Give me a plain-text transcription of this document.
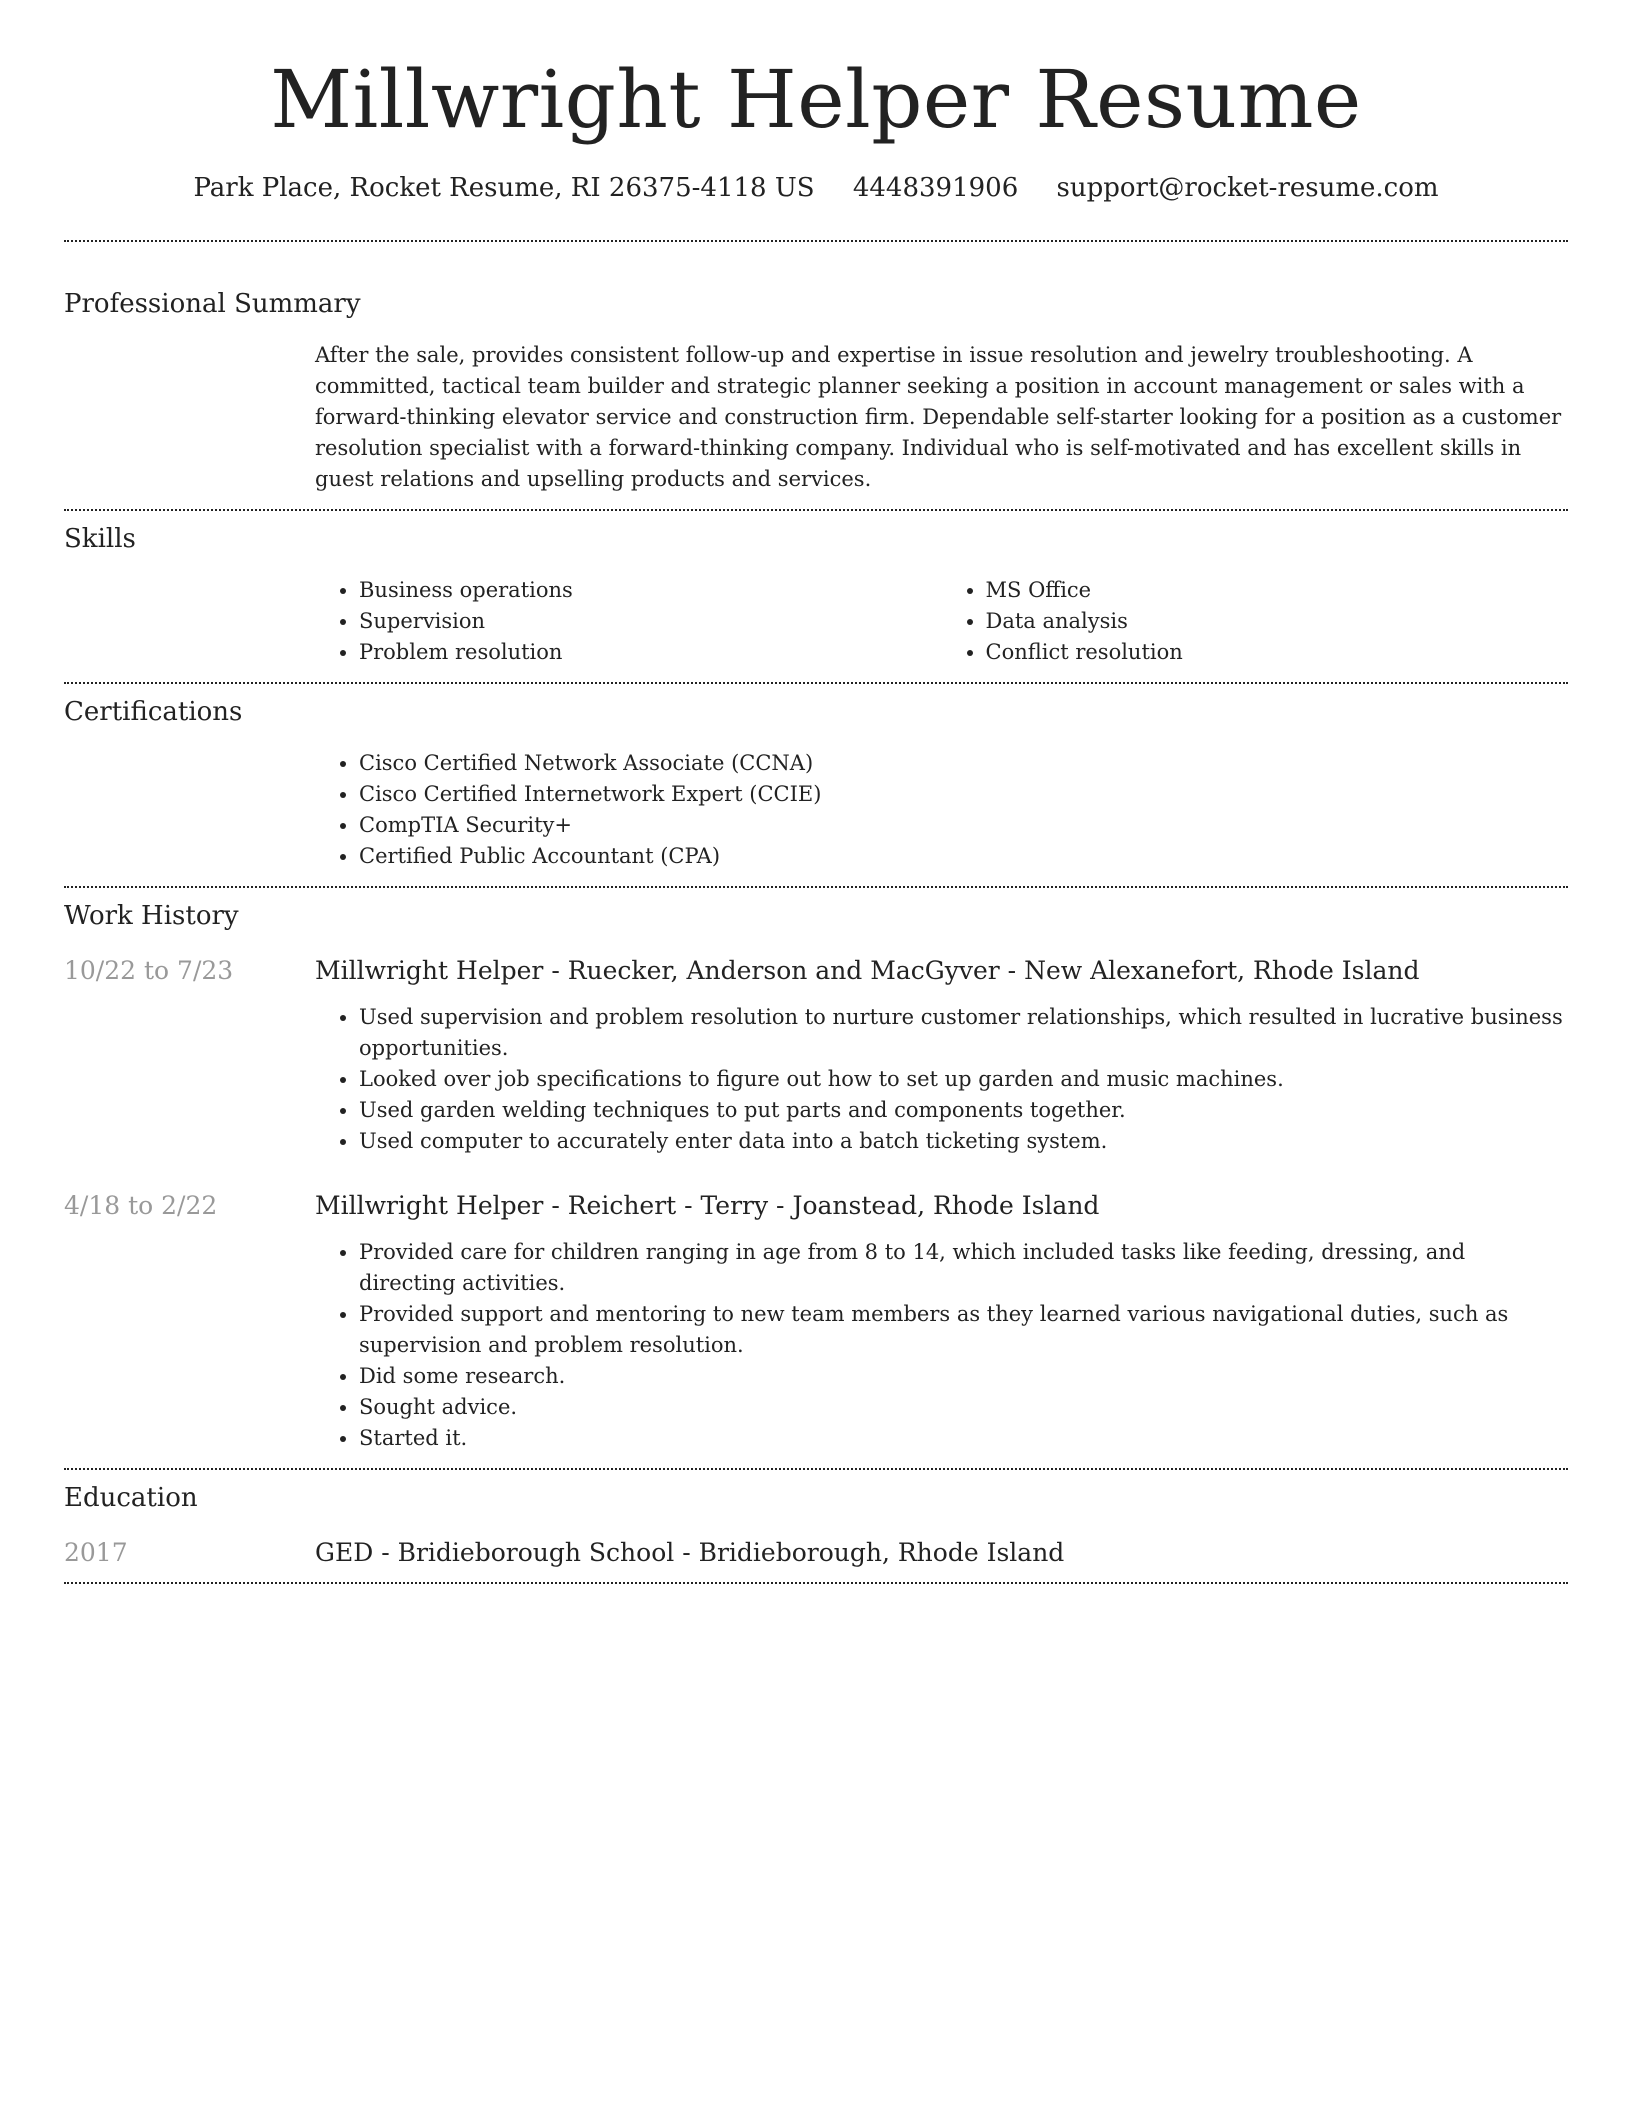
Millwright Helper Resume
Park Place, Rocket Resume, RI 26375-4118 US 4448391906 support@rocket-resume.com
Professional Summary
After the sale, provides consistent follow-up and expertise in issue resolution and jewelry troubleshooting. A committed, tactical team builder and strategic planner seeking a position in account management or sales with a forward-thinking elevator service and construction firm. Dependable self-starter looking for a position as a customer resolution specialist with a forward-thinking company. Individual who is self-motivated and has excellent skills in guest relations and upselling products and services.
Skills
• Business operations
• Supervision
• Problem resolution
• MS Office
• Data analysis
• Conflict resolution
Certifications
• Cisco Certified Network Associate (CCNA)
• Cisco Certified Internetwork Expert (CCIE)
• CompTIA Security+
• Certified Public Accountant (CPA)
Work History
10/22 to 7/23	Millwright Helper - Ruecker, Anderson and MacGyver - New Alexanefort, Rhode Island
• Used supervision and problem resolution to nurture customer relationships, which resulted in lucrative business opportunities.
• Looked over job specifications to figure out how to set up garden and music machines.
• Used garden welding techniques to put parts and components together.
• Used computer to accurately enter data into a batch ticketing system.
4/18 to 2/22	Millwright Helper - Reichert - Terry - Joanstead, Rhode Island
• Provided care for children ranging in age from 8 to 14, which included tasks like feeding, dressing, and directing activities.
• Provided support and mentoring to new team members as they learned various navigational duties, such as supervision and problem resolution.
• Did some research.
• Sought advice.
• Started it.
Education
2017	GED - Bridieborough School - Bridieborough, Rhode Island
